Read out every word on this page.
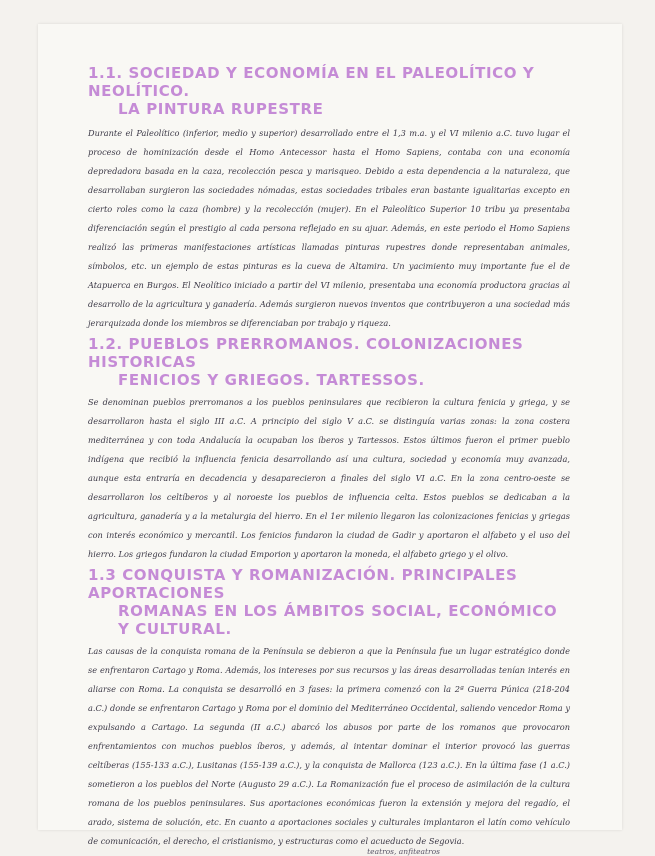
1.1. SOCIEDAD Y ECONOMÍA EN EL PALEOLÍTICO Y NEOLÍTICO.
LA PINTURA RUPESTRE

Durante el Paleolítico (inferior, medio y superior) desarrollado entre el 1,3 m.a. y el VI milenio a.C. tuvo lugar el proceso de hominización desde el Homo Antecessor hasta el Homo Sapiens, contaba con una economía depredadora basada en la caza, recolección pesca y marisqueo. Debido a esta dependencia a la naturaleza, que desarrollaban surgieron las sociedades nómadas, estas sociedades tribales eran bastante igualitarias excepto en cierto roles como la caza (hombre) y la recolección (mujer). En el Paleolítico Superior 10 tribu ya presentaba diferenciación según el prestigio al cada persona reflejado en su ajuar. Además, en este periodo el Homo Sapiens realizó las primeras manifestaciones artísticas llamadas pinturas rupestres donde representaban animales, símbolos, etc. un ejemplo de estas pinturas es la cueva de Altamira. Un yacimiento muy importante fue el de Atapuerca en Burgos. El Neolítico iniciado a partir del VI milenio, presentaba una economía productora gracias al desarrollo de la agricultura y ganadería. Además surgieron nuevos inventos que contribuyeron a una sociedad más jerarquizada donde los miembros se diferenciaban por trabajo y riqueza.

1.2. PUEBLOS PRERROMANOS. COLONIZACIONES HISTORICAS
FENICIOS Y GRIEGOS. TARTESSOS.

Se denominan pueblos prerromanos a los pueblos peninsulares que recibieron la cultura fenicia y griega, y se desarrollaron hasta el siglo III a.C. A principio del siglo V a.C. se distinguía varias zonas: la zona costera mediterránea y con toda Andalucía la ocupaban los íberos y Tartessos. Estos últimos fueron el primer pueblo indígena que recibió la influencia fenicia desarrollando así una cultura, sociedad y economía muy avanzada, aunque esta entraría en decadencia y desaparecieron a finales del siglo VI a.C. En la zona centro-oeste se desarrollaron los celtíberos y al noroeste los pueblos de influencia celta. Estos pueblos se dedicaban a la agricultura, ganadería y a la metalurgia del hierro. En el 1er milenio llegaron las colonizaciones fenicias y griegas con interés económico y mercantil. Los fenicios fundaron la ciudad de Gadir y aportaron el alfabeto y el uso del hierro. Los griegos fundaron la ciudad Emporion y aportaron la moneda, el alfabeto griego y el olivo.

1.3 CONQUISTA Y ROMANIZACIÓN. PRINCIPALES APORTACIONES
ROMANAS EN LOS ÁMBITOS SOCIAL, ECONÓMICO Y CULTURAL.

Las causas de la conquista romana de la Península se debieron a que la Península fue un lugar estratégico donde se enfrentaron Cartago y Roma. Además, los intereses por sus recursos y las áreas desarrolladas tenían interés en aliarse con Roma. La conquista se desarrolló en 3 fases: la primera comenzó con la 2ª Guerra Púnica (218-204 a.C.) donde se enfrentaron Cartago y Roma por el dominio del Mediterráneo Occidental, saliendo vencedor Roma y expulsando a Cartago. La segunda (II a.C.) abarcó los abusos por parte de los romanos que provocaron enfrentamientos con muchos pueblos íberos, y además, al intentar dominar el interior provocó las guerras celtíberas (155-133 a.C.), Lusitanas (155-139 a.C.), y la conquista de Mallorca (123 a.C.). En la última fase (1 a.C.) sometieron a los pueblos del Norte (Augusto 29 a.C.). La Romanización fue el proceso de asimilación de la cultura romana de los pueblos peninsulares. Sus aportaciones económicas fueron la extensión y mejora del regadío, el arado, sistema de solución, etc. En cuanto a aportaciones sociales y culturales implantaron el latín como vehículo de comunicación, el derecho, el cristianismo, y estructuras como el acueducto de Segovia.

teatros, anfiteatros
